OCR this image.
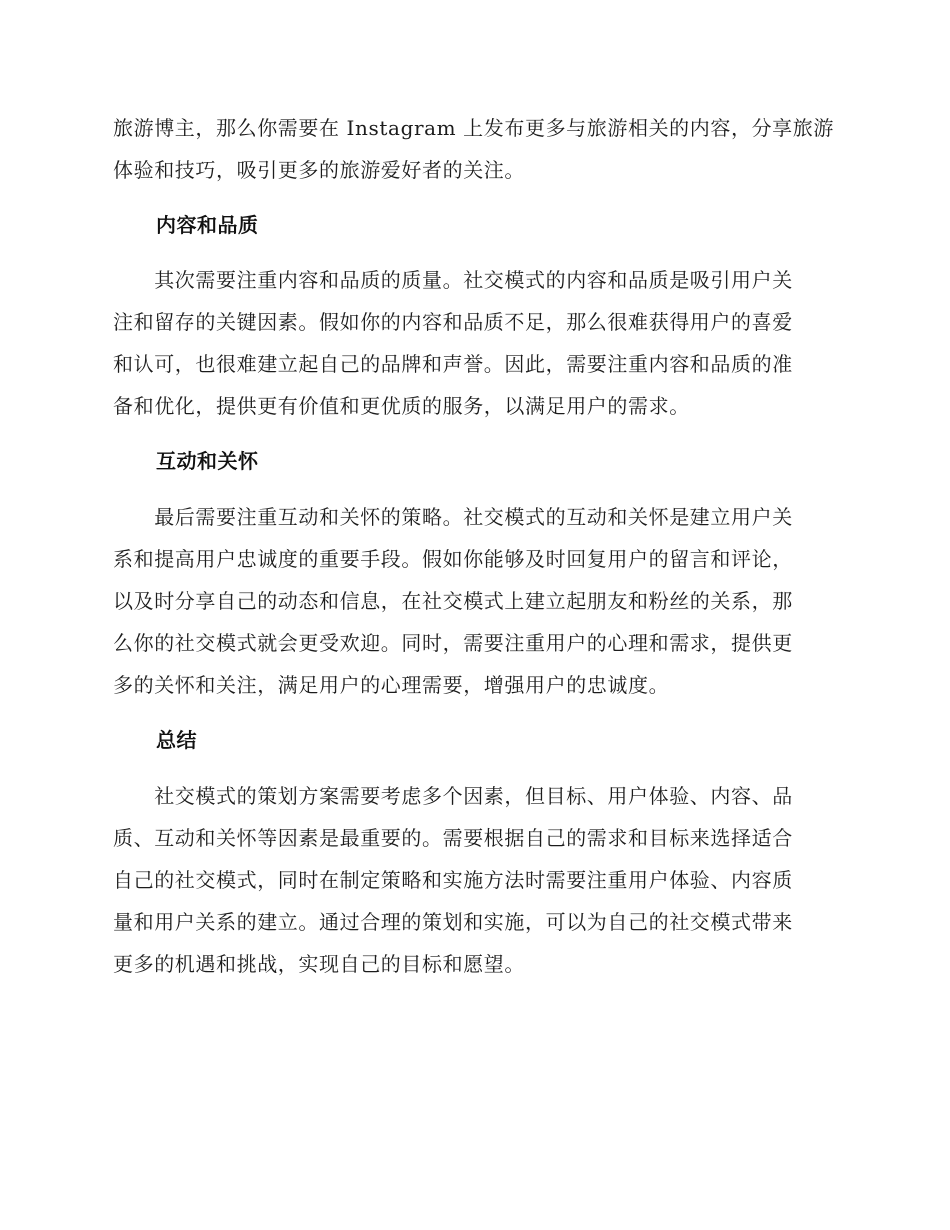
旅游博主，那么你需要在 Instagram 上发布更多与旅游相关的内容，分享旅游

体验和技巧，吸引更多的旅游爱好者的关注。

内容和品质

　　其次需要注重内容和品质的质量。社交模式的内容和品质是吸引用户关

注和留存的关键因素。假如你的内容和品质不足，那么很难获得用户的喜爱

和认可，也很难建立起自己的品牌和声誉。因此，需要注重内容和品质的准

备和优化，提供更有价值和更优质的服务，以满足用户的需求。

互动和关怀

　　最后需要注重互动和关怀的策略。社交模式的互动和关怀是建立用户关

系和提高用户忠诚度的重要手段。假如你能够及时回复用户的留言和评论，

以及时分享自己的动态和信息，在社交模式上建立起朋友和粉丝的关系，那

么你的社交模式就会更受欢迎。同时，需要注重用户的心理和需求，提供更

多的关怀和关注，满足用户的心理需要，增强用户的忠诚度。

总结

　　社交模式的策划方案需要考虑多个因素，但目标、用户体验、内容、品

质、互动和关怀等因素是最重要的。需要根据自己的需求和目标来选择适合

自己的社交模式，同时在制定策略和实施方法时需要注重用户体验、内容质

量和用户关系的建立。通过合理的策划和实施，可以为自己的社交模式带来

更多的机遇和挑战，实现自己的目标和愿望。
